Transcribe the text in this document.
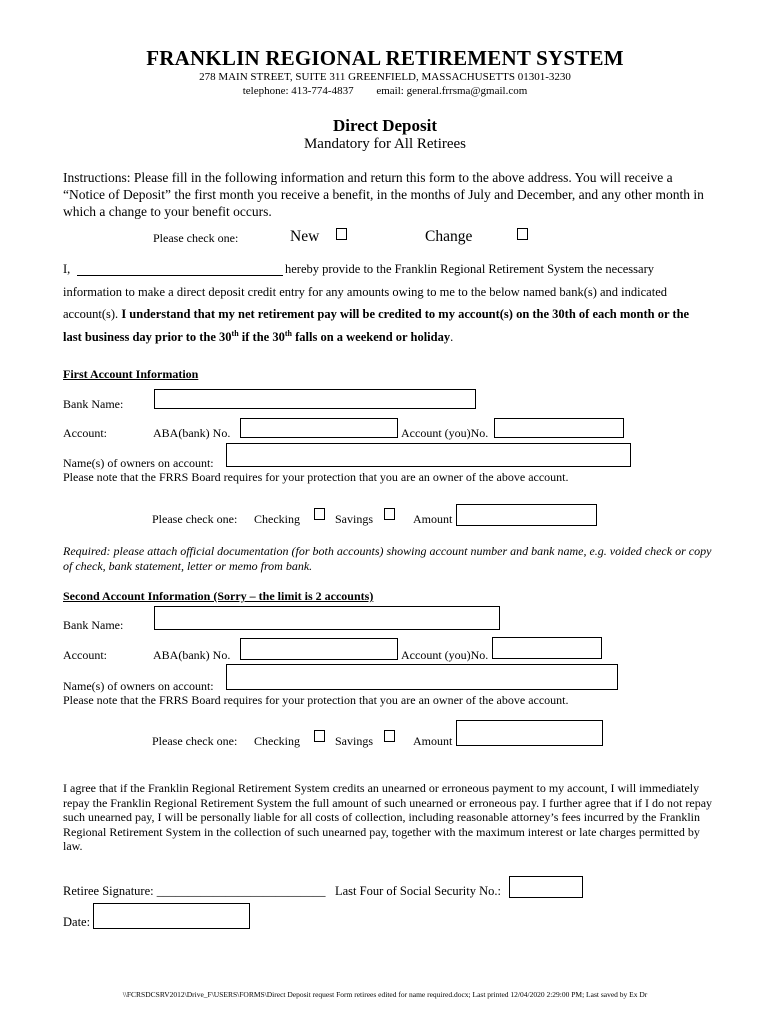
FRANKLIN REGIONAL RETIREMENT SYSTEM
278 MAIN STREET, SUITE 311 GREENFIELD, MASSACHUSETTS 01301-3230
telephone: 413-774-4837 email: general.frrsma@gmail.com
Direct Deposit
Mandatory for All Retirees
Instructions: Please fill in the following information and return this form to the above address. You will receive a “Notice of Deposit” the first month you receive a benefit, in the months of July and December, and any other month in which a change to your benefit occurs.
Please check one:	New	Change
I,	hereby provide to the Franklin Regional Retirement System the necessary
information to make a direct deposit credit entry for any amounts owing to me to the below named bank(s) and indicated
account(s). I understand that my net retirement pay will be credited to my account(s) on the 30th of each month or the
last business day prior to the 30th if the 30th falls on a weekend or holiday.
First Account Information
Bank Name:
Account:	ABA(bank) No.	Account (you)No.
Name(s) of owners on account:
Please note that the FRRS Board requires for your protection that you are an owner of the above account.
Please check one: Checking	Savings	Amount
Required: please attach official documentation (for both accounts) showing account number and bank name, e.g. voided check or copy of check, bank statement, letter or memo from bank.
Second Account Information (Sorry – the limit is 2 accounts)
Bank Name:
Account:	ABA(bank) No.	Account (you)No.
Name(s) of owners on account:
Please note that the FRRS Board requires for your protection that you are an owner of the above account.
Please check one: Checking	Savings	Amount
I agree that if the Franklin Regional Retirement System credits an unearned or erroneous payment to my account, I will immediately repay the Franklin Regional Retirement System the full amount of such unearned or erroneous pay. I further agree that if I do not repay such unearned pay, I will be personally liable for all costs of collection, including reasonable attorney’s fees incurred by the Franklin Regional Retirement System in the collection of such unearned pay, together with the maximum interest or late charges permitted by law.
Retiree Signature: ___________________________ Last Four of Social Security No.:
Date:
\\FCRSDCSRV2012\Drive_F\USERS\FORMS\Direct Deposit request Form retirees edited for name required.docx; Last printed 12/04/2020 2:29:00 PM; Last saved by Ex Dr
